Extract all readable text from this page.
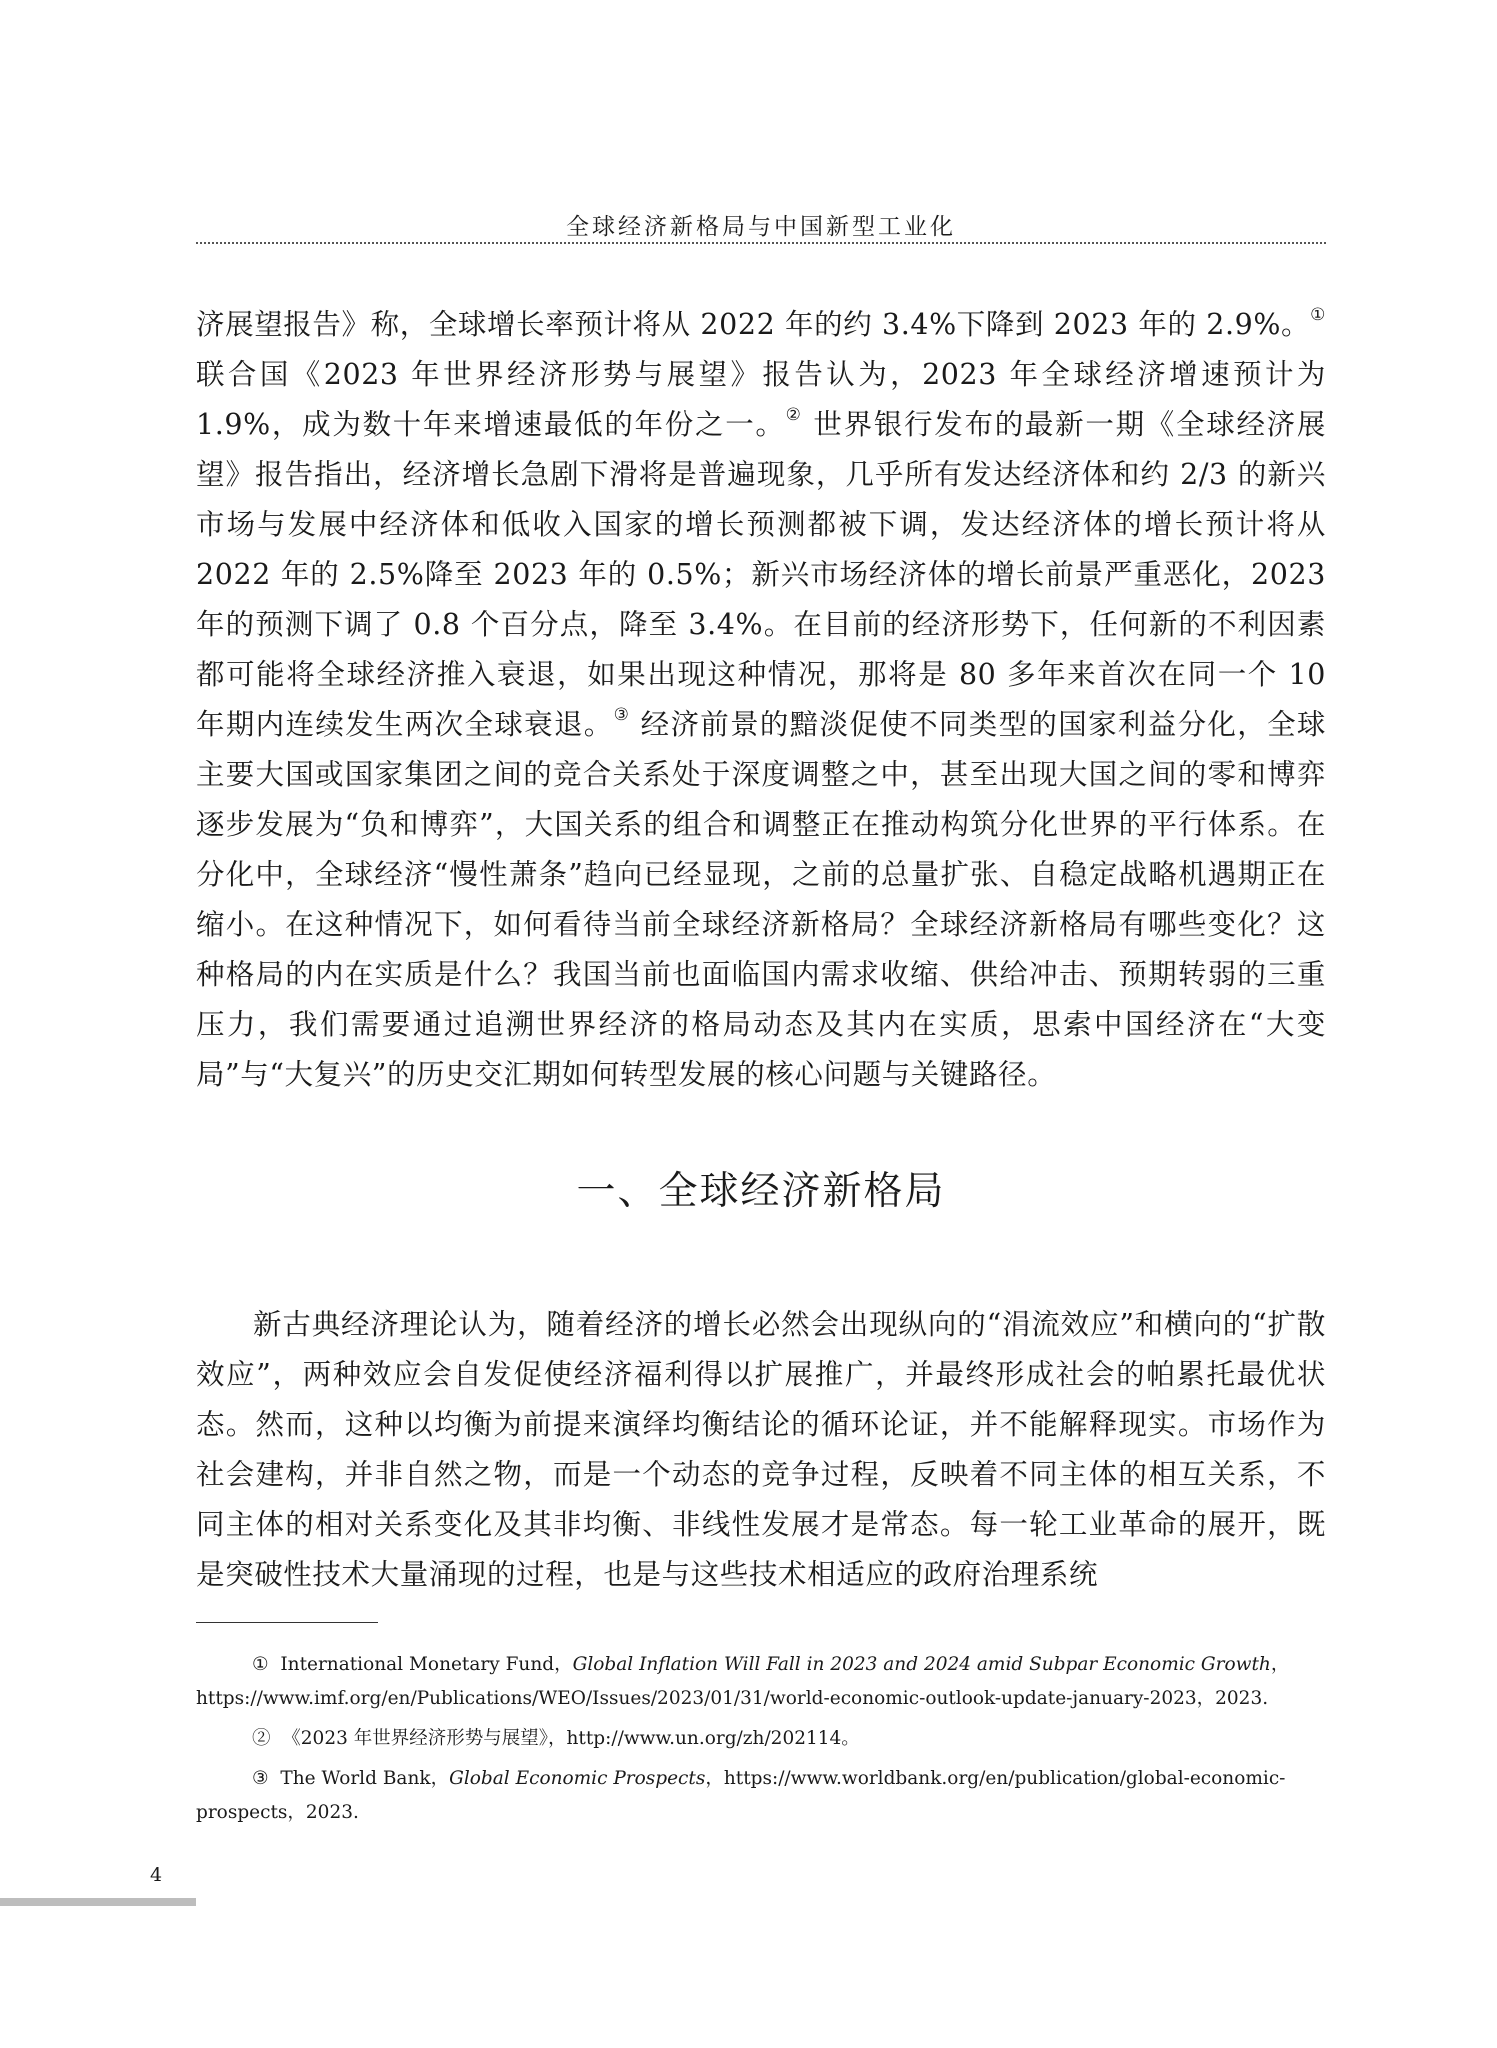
全球经济新格局与中国新型工业化

济展望报告》称，全球增长率预计将从 2022 年的约 3.4%下降到 2023 年的 2.9%。①联合国《2023 年世界经济形势与展望》报告认为，2023 年全球经济增速预计为 1.9%，成为数十年来增速最低的年份之一。② 世界银行发布的最新一期《全球经济展望》报告指出，经济增长急剧下滑将是普遍现象，几乎所有发达经济体和约 2/3 的新兴市场与发展中经济体和低收入国家的增长预测都被下调，发达经济体的增长预计将从 2022 年的 2.5%降至 2023 年的 0.5%；新兴市场经济体的增长前景严重恶化，2023 年的预测下调了 0.8 个百分点，降至 3.4%。在目前的经济形势下，任何新的不利因素都可能将全球经济推入衰退，如果出现这种情况，那将是 80 多年来首次在同一个 10 年期内连续发生两次全球衰退。③ 经济前景的黯淡促使不同类型的国家利益分化，全球主要大国或国家集团之间的竞合关系处于深度调整之中，甚至出现大国之间的零和博弈逐步发展为“负和博弈”，大国关系的组合和调整正在推动构筑分化世界的平行体系。在分化中，全球经济“慢性萧条”趋向已经显现，之前的总量扩张、自稳定战略机遇期正在缩小。在这种情况下，如何看待当前全球经济新格局？全球经济新格局有哪些变化？这种格局的内在实质是什么？我国当前也面临国内需求收缩、供给冲击、预期转弱的三重压力，我们需要通过追溯世界经济的格局动态及其内在实质，思索中国经济在“大变局”与“大复兴”的历史交汇期如何转型发展的核心问题与关键路径。

一、全球经济新格局

新古典经济理论认为，随着经济的增长必然会出现纵向的“涓流效应”和横向的“扩散效应”，两种效应会自发促使经济福利得以扩展推广，并最终形成社会的帕累托最优状态。然而，这种以均衡为前提来演绎均衡结论的循环论证，并不能解释现实。市场作为社会建构，并非自然之物，而是一个动态的竞争过程，反映着不同主体的相互关系，不同主体的相对关系变化及其非均衡、非线性发展才是常态。每一轮工业革命的展开，既是突破性技术大量涌现的过程，也是与这些技术相适应的政府治理系统

① International Monetary Fund，Global Inflation Will Fall in 2023 and 2024 amid Subpar Economic Growth，https://www.imf.org/en/Publications/WEO/Issues/2023/01/31/world-economic-outlook-update-january-2023，2023.
② 《2023 年世界经济形势与展望》，http://www.un.org/zh/202114。
③ The World Bank，Global Economic Prospects，https://www.worldbank.org/en/publication/global-economic-prospects，2023.
4
